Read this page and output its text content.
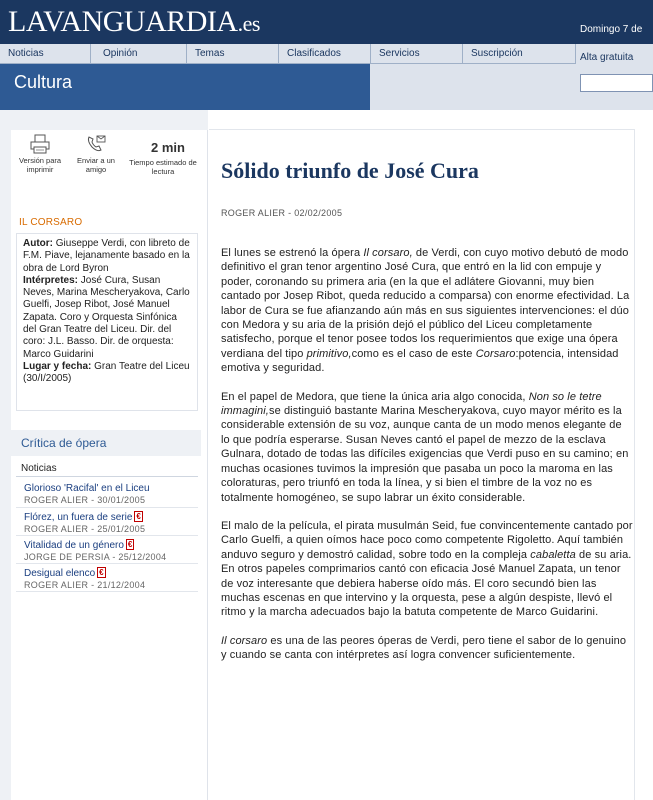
LAVANGUARDIA.es	Domingo 7 de
Noticias	Opinión	Temas	Clasificados	Servicios	Suscripción	Alta gratuita
Cultura
Versión para imprimir
Enviar a un amigo
2 min
Tiempo estimado de lectura
IL CORSARO
Autor: Giuseppe Verdi, con libreto de F.M. Piave, lejanamente basado en la obra de Lord Byron
Intérpretes: José Cura, Susan Neves, Marina Mescheryakova, Carlo Guelfi, Josep Ribot, José Manuel Zapata. Coro y Orquesta Sinfónica del Gran Teatre del Liceu. Dir. del coro: J.L. Basso. Dir. de orquesta: Marco Guidarini
Lugar y fecha: Gran Teatre del Liceu (30/I/2005)
Crítica de ópera
Noticias
Glorioso 'Racifal' en el Liceu
ROGER ALIER - 30/01/2005
Flórez, un fuera de serie €
ROGER ALIER - 25/01/2005
Vitalidad de un género €
JORGE DE PERSIA - 25/12/2004
Desigual elenco €
ROGER ALIER - 21/12/2004
Sólido triunfo de José Cura
ROGER ALIER - 02/02/2005

El lunes se estrenó la ópera Il corsaro, de Verdi, con cuyo motivo debutó de modo definitivo el gran tenor argentino José Cura, que entró en la lid con empuje y poder, coronando su primera aria (en la que el adlátere Giovanni, muy bien cantado por Josep Ribot, queda reducido a comparsa) con enorme efectividad. La labor de Cura se fue afianzando aún más en sus siguientes intervenciones: el dúo con Medora y su aria de la prisión dejó el público del Liceu completamente satisfecho, porque el tenor posee todos los requerimientos que exige una ópera verdiana del tipo primitivo,como es el caso de este Corsaro:potencia, intensidad emotiva y seguridad.

En el papel de Medora, que tiene la única aria algo conocida, Non so le tetre immagini,se distinguió bastante Marina Mescheryakova, cuyo mayor mérito es la considerable extensión de su voz, aunque canta de un modo menos elegante de lo que podría esperarse. Susan Neves cantó el papel de mezzo de la esclava Gulnara, dotado de todas las difíciles exigencias que Verdi puso en su camino; en muchas ocasiones tuvimos la impresión que pasaba un poco la maroma en las coloraturas, pero triunfó en toda la línea, y si bien el timbre de la voz no es totalmente homogéneo, se supo labrar un éxito considerable.

El malo de la película, el pirata musulmán Seid, fue convincentemente cantado por Carlo Guelfi, a quien oímos hace poco como competente Rigoletto. Aquí también anduvo seguro y demostró calidad, sobre todo en la compleja cabaletta de su aria. En otros papeles comprimarios cantó con eficacia José Manuel Zapata, un tenor de voz interesante que debiera haberse oído más. El coro secundó bien las muchas escenas en que intervino y la orquesta, pese a algún despiste, llevó el ritmo y la marcha adecuados bajo la batuta competente de Marco Guidarini.

Il corsaro es una de las peores óperas de Verdi, pero tiene el sabor de lo genuino y cuando se canta con intérpretes así logra convencer suficientemente.
